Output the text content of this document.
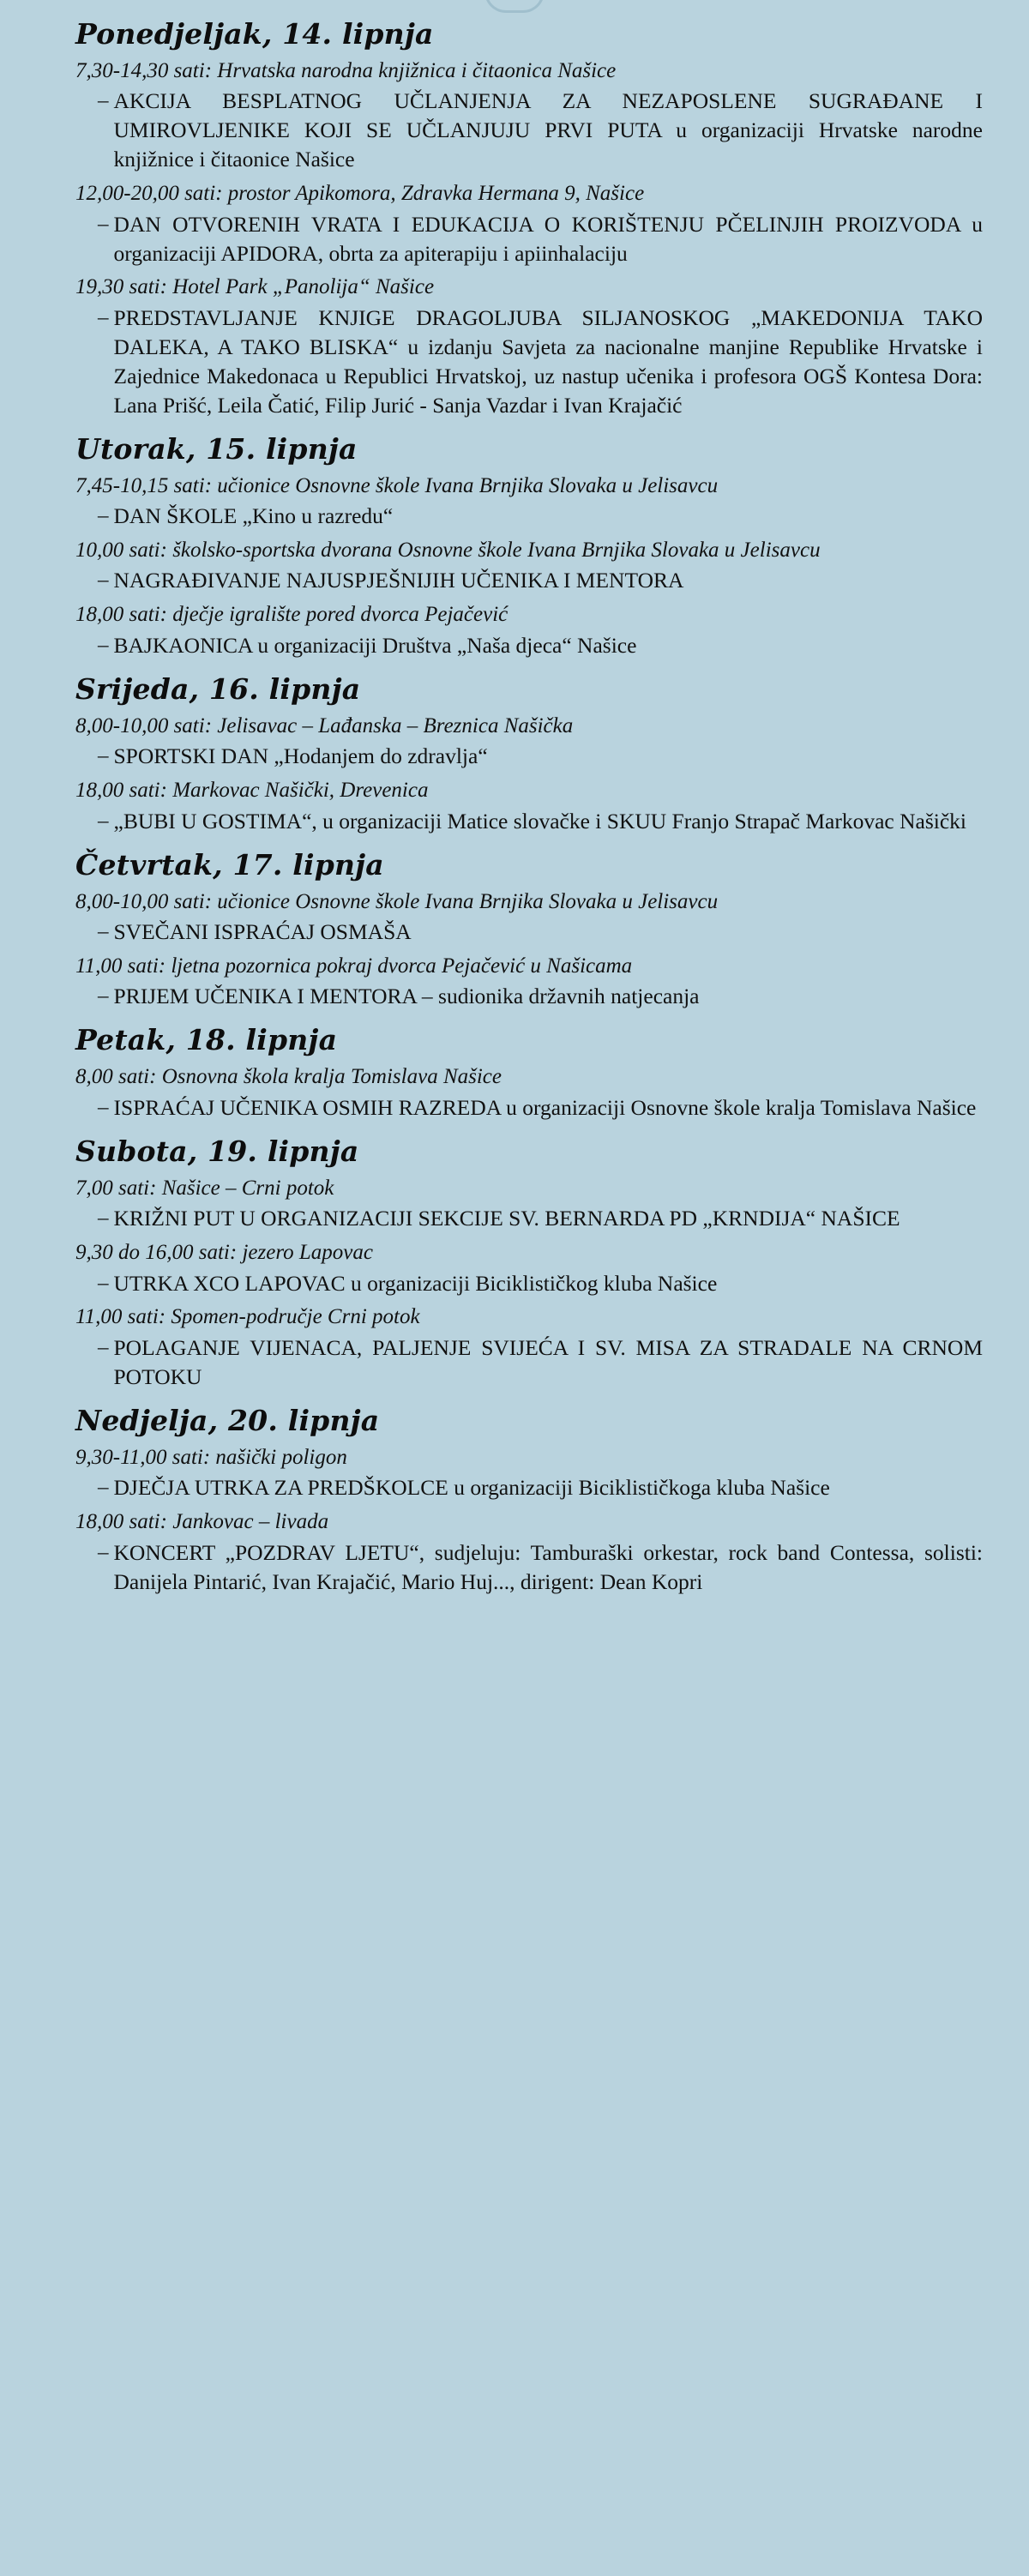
Ponedjeljak, 14. lipnja
7,30-14,30 sati: Hrvatska narodna knjižnica i čitaonica Našice
– AKCIJA BESPLATNOG UČLANJENJA ZA NEZAPOSLENE SUGRAĐANE I UMIROVLJENIKE KOJI SE UČLANJUJU PRVI PUTA u organizaciji Hrvatske narodne knjižnice i čitaonice Našice
12,00-20,00 sati: prostor Apikomora, Zdravka Hermana 9, Našice
– DAN OTVORENIH VRATA I EDUKACIJA O KORIŠTENJU PČELINJIH PROIZVODA u organizaciji APIDORA, obrta za apiterapiju i apiinhalaciju
19,30 sati: Hotel Park „Panolija“ Našice
– PREDSTAVLJANJE KNJIGE DRAGOLJUBA SILJANOSKOG „MAKEDONIJA TAKO DALEKA, A TAKO BLISKA“ u izdanju Savjeta za nacionalne manjine Republike Hrvatske i Zajednice Makedonaca u Republici Hrvatskoj, uz nastup učenika i profesora OGŠ Kontesa Dora: Lana Prišć, Leila Čatić, Filip Jurić - Sanja Vazdar i Ivan Krajačić
Utorak, 15. lipnja
7,45-10,15 sati: učionice Osnovne škole Ivana Brnjika Slovaka u Jelisavcu
– DAN ŠKOLE „Kino u razredu“
10,00 sati: školsko-sportska dvorana Osnovne škole Ivana Brnjika Slovaka u Jelisavcu
– NAGRAĐIVANJE NAJUSPJEŠNIJIH UČENIKA I MENTORA
18,00 sati: dječje igralište pored dvorca Pejačević
– BAJKAONICA u organizaciji Društva „Naša djeca“ Našice
Srijeda, 16. lipnja
8,00-10,00 sati: Jelisavac – Lađanska – Breznica Našička
– SPORTSKI DAN „Hodanjem do zdravlja“
18,00 sati: Markovac Našički, Drevenica
– „BUBI U GOSTIMA“, u organizaciji Matice slovačke i SKUU Franjo Strapač Markovac Našički
Četvrtak, 17. lipnja
8,00-10,00 sati: učionice Osnovne škole Ivana Brnjika Slovaka u Jelisavcu
– SVEČANI ISPRAĆAJ OSMAŠA
11,00 sati: ljetna pozornica pokraj dvorca Pejačević u Našicama
– PRIJEM UČENIKA I MENTORA – sudionika državnih natjecanja
Petak, 18. lipnja
8,00 sati: Osnovna škola kralja Tomislava Našice
– ISPRAĆAJ UČENIKA OSMIH RAZREDA u organizaciji Osnovne škole kralja Tomislava Našice
Subota, 19. lipnja
7,00 sati: Našice – Crni potok
– KRIŽNI PUT U ORGANIZACIJI SEKCIJE SV. BERNARDA PD „KRNDIJA“ NAŠICE
9,30 do 16,00 sati: jezero Lapovac
– UTRKA XCO LAPOVAC u organizaciji Biciklističkog kluba Našice
11,00 sati: Spomen-područje Crni potok
– POLAGANJE VIJENACA, PALJENJE SVIJEĆA I SV. MISA ZA STRADALE NA CRNOM POTOKU
Nedjelja, 20. lipnja
9,30-11,00 sati: našički poligon
– DJEČJA UTRKA ZA PREDŠKOLCE u organizaciji Biciklističkoga kluba Našice
18,00 sati: Jankovac – livada
– KONCERT „POZDRAV LJETU“, sudjeluju: Tamburaški orkestar, rock band Contessa, solisti: Danijela Pintarić, Ivan Krajačić, Mario Huj..., dirigent: Dean Kopri
